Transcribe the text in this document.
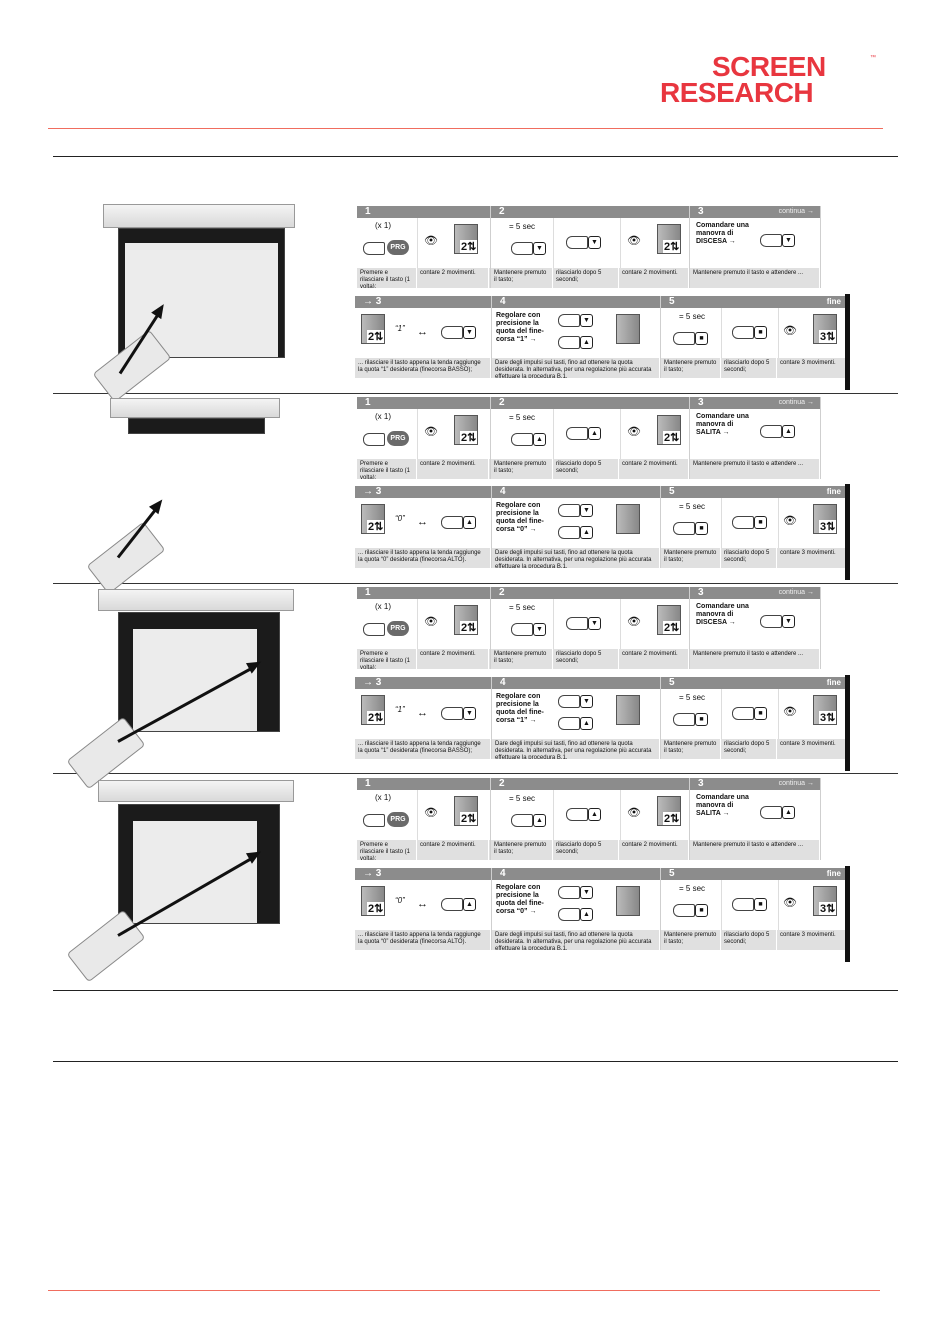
SCREEN
RESEARCH
™
1
(x 1)
PRG
👁 2⇅
Premere e rilasciare il tasto (1 volta);
contare 2 movimenti.
2
= 5 sec
▼
▼	👁 2⇅
Mantenere premuto il tasto;
rilasciarlo dopo 5 secondi;
contare 2 movimenti.
3	continua →
Comandare una manovra di DISCESA →	▼
Mantenere premuto il tasto e attendere ...
→ 3
2⇅
“1” ↔	▼
... rilasciare il tasto appena la tenda raggiunge la quota “1” desiderata (finecorsa BASSO);
4
Regolare con precisione la quota del fine-corsa “1” →
▼
▲
Dare degli impulsi sui tasti, fino ad ottenere la quota desiderata. In alternativa, per una regolazione più accurata effettuare la procedura B.1.
5	fine
= 5 sec
■
■	👁 3⇅
Mantenere premuto il tasto;
rilasciarlo dopo 5 secondi;
contare 3 movimenti.
1
(x 1)
PRG
👁 2⇅
Premere e rilasciare il tasto (1 volta);
contare 2 movimenti.
2
= 5 sec
▲
▲	👁 2⇅
Mantenere premuto il tasto;
rilasciarlo dopo 5 secondi;
contare 2 movimenti.
3	continua →
Comandare una manovra di SALITA →	▲
Mantenere premuto il tasto e attendere ...
→ 3
2⇅
“0” ↔	▲
... rilasciare il tasto appena la tenda raggiunge la quota “0” desiderata (finecorsa ALTO).
4
Regolare con precisione la quota del fine-corsa “0” →
▼
▲
Dare degli impulsi sui tasti, fino ad ottenere la quota desiderata. In alternativa, per una regolazione più accurata effettuare la procedura B.1.
5	fine
= 5 sec
■
■	👁 3⇅
Mantenere premuto il tasto;
rilasciarlo dopo 5 secondi;
contare 3 movimenti.
1
(x 1)
PRG
👁 2⇅
Premere e rilasciare il tasto (1 volta);
contare 2 movimenti.
2
= 5 sec
▼
▼	👁 2⇅
Mantenere premuto il tasto;
rilasciarlo dopo 5 secondi;
contare 2 movimenti.
3	continua →
Comandare una manovra di DISCESA →	▼
Mantenere premuto il tasto e attendere ...
→ 3
2⇅
“1” ↔	▼
... rilasciare il tasto appena la tenda raggiunge la quota “1” desiderata (finecorsa BASSO);
4
Regolare con precisione la quota del fine-corsa “1” →
▼
▲
Dare degli impulsi sui tasti, fino ad ottenere la quota desiderata. In alternativa, per una regolazione più accurata effettuare la procedura B.1.
5	fine
= 5 sec
■
■	👁 3⇅
Mantenere premuto il tasto;
rilasciarlo dopo 5 secondi;
contare 3 movimenti.
1
(x 1)
PRG
👁 2⇅
Premere e rilasciare il tasto (1 volta);
contare 2 movimenti.
2
= 5 sec
▲
▲	👁 2⇅
Mantenere premuto il tasto;
rilasciarlo dopo 5 secondi;
contare 2 movimenti.
3	continua →
Comandare una manovra di SALITA →	▲
Mantenere premuto il tasto e attendere ...
→ 3
2⇅
“0” ↔	▲
... rilasciare il tasto appena la tenda raggiunge la quota “0” desiderata (finecorsa ALTO).
4
Regolare con precisione la quota del fine-corsa “0” →
▼
▲
Dare degli impulsi sui tasti, fino ad ottenere la quota desiderata. In alternativa, per una regolazione più accurata effettuare la procedura B.1.
5	fine
= 5 sec
■
■	👁 3⇅
Mantenere premuto il tasto;
rilasciarlo dopo 5 secondi;
contare 3 movimenti.
